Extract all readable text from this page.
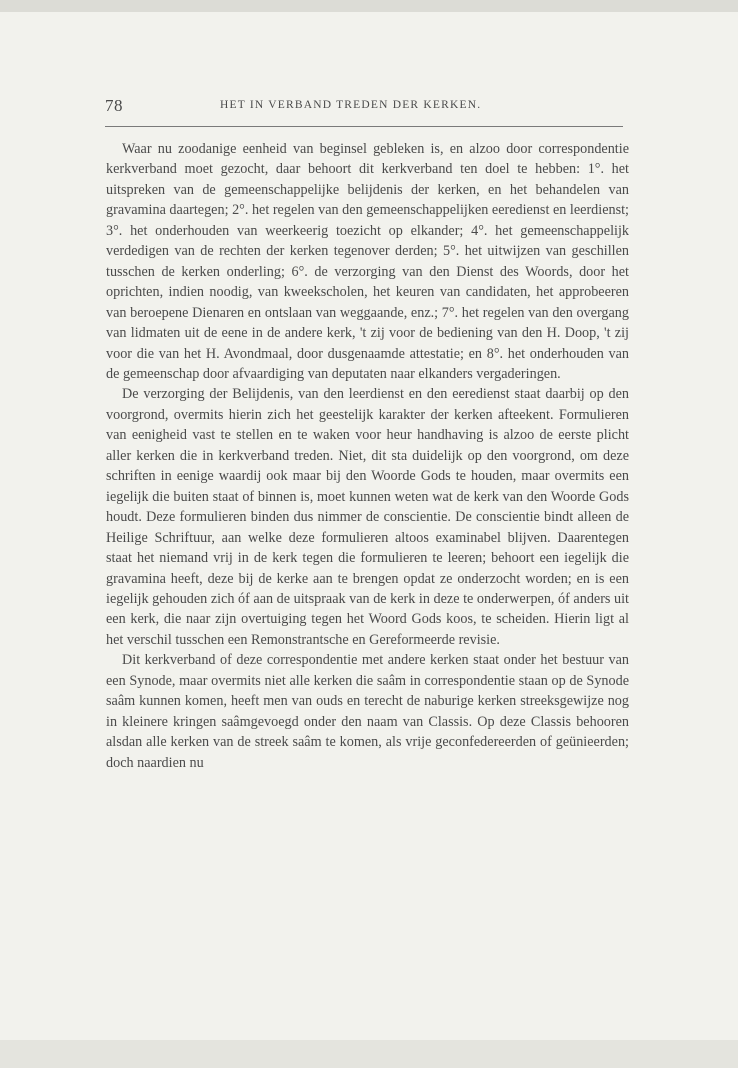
78	HET IN VERBAND TREDEN DER KERKEN.

Waar nu zoodanige eenheid van beginsel gebleken is, en alzoo door correspondentie kerkverband moet gezocht, daar behoort dit kerkverband ten doel te hebben: 1°. het uitspreken van de gemeenschappelijke belijdenis der kerken, en het behandelen van gravamina daartegen; 2°. het regelen van den gemeenschappelijken eeredienst en leerdienst; 3°. het onderhouden van weerkeerig toezicht op elkander; 4°. het gemeenschappelijk verdedigen van de rechten der kerken tegenover derden; 5°. het uitwijzen van geschillen tusschen de kerken onderling; 6°. de verzorging van den Dienst des Woords, door het oprichten, indien noodig, van kweekscholen, het keuren van candidaten, het approbeeren van beroepene Dienaren en ontslaan van weggaande, enz.; 7°. het regelen van den overgang van lidmaten uit de eene in de andere kerk, 't zij voor de bediening van den H. Doop, 't zij voor die van het H. Avondmaal, door dusgenaamde attestatie; en 8°. het onderhouden van de gemeenschap door afvaardiging van deputaten naar elkanders vergaderingen.

De verzorging der Belijdenis, van den leerdienst en den eeredienst staat daarbij op den voorgrond, overmits hierin zich het geestelijk karakter der kerken afteekent. Formulieren van eenigheid vast te stellen en te waken voor heur handhaving is alzoo de eerste plicht aller kerken die in kerkverband treden. Niet, dit sta duidelijk op den voorgrond, om deze schriften in eenige waardij ook maar bij den Woorde Gods te houden, maar overmits een iegelijk die buiten staat of binnen is, moet kunnen weten wat de kerk van den Woorde Gods houdt. Deze formulieren binden dus nimmer de conscientie. De conscientie bindt alleen de Heilige Schriftuur, aan welke deze formulieren altoos examinabel blijven. Daarentegen staat het niemand vrij in de kerk tegen die formulieren te leeren; behoort een iegelijk die gravamina heeft, deze bij de kerke aan te brengen opdat ze onderzocht worden; en is een iegelijk gehouden zich óf aan de uitspraak van de kerk in deze te onderwerpen, óf anders uit een kerk, die naar zijn overtuiging tegen het Woord Gods koos, te scheiden. Hierin ligt al het verschil tusschen een Remonstrantsche en Gereformeerde revisie.

Dit kerkverband of deze correspondentie met andere kerken staat onder het bestuur van een Synode, maar overmits niet alle kerken die saâm in correspondentie staan op de Synode saâm kunnen komen, heeft men van ouds en terecht de naburige kerken streeksgewijze nog in kleinere kringen saâmgevoegd onder den naam van Classis. Op deze Classis behooren alsdan alle kerken van de streek saâm te komen, als vrije geconfedereerden of geünieerden; doch naardien nu
